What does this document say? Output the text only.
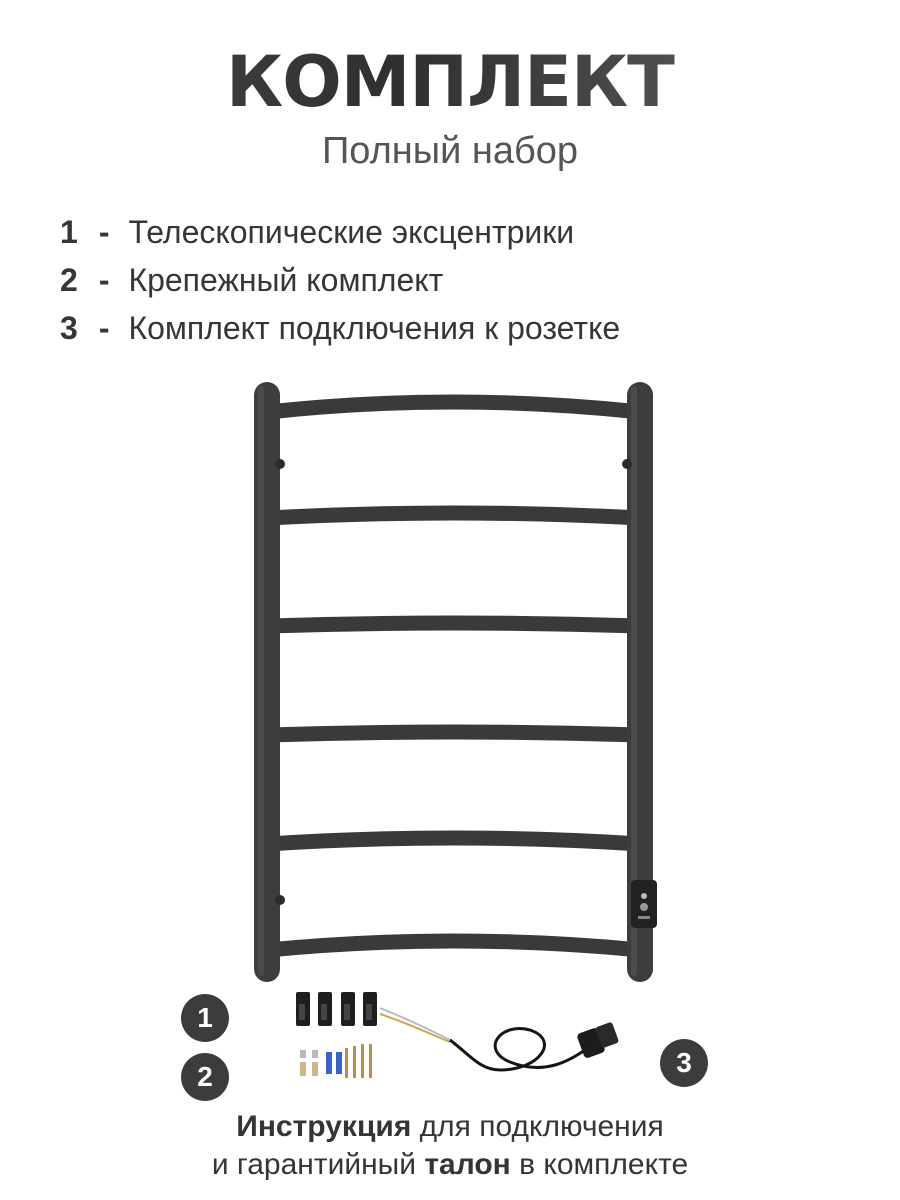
КОМПЛЕКТ
Полный набор
1 - Телескопические эксцентрики
2 - Крепежный комплект
3 - Комплект подключения к розетке
1
2	3
Инструкция для подключения
и гарантийный талон в комплекте
